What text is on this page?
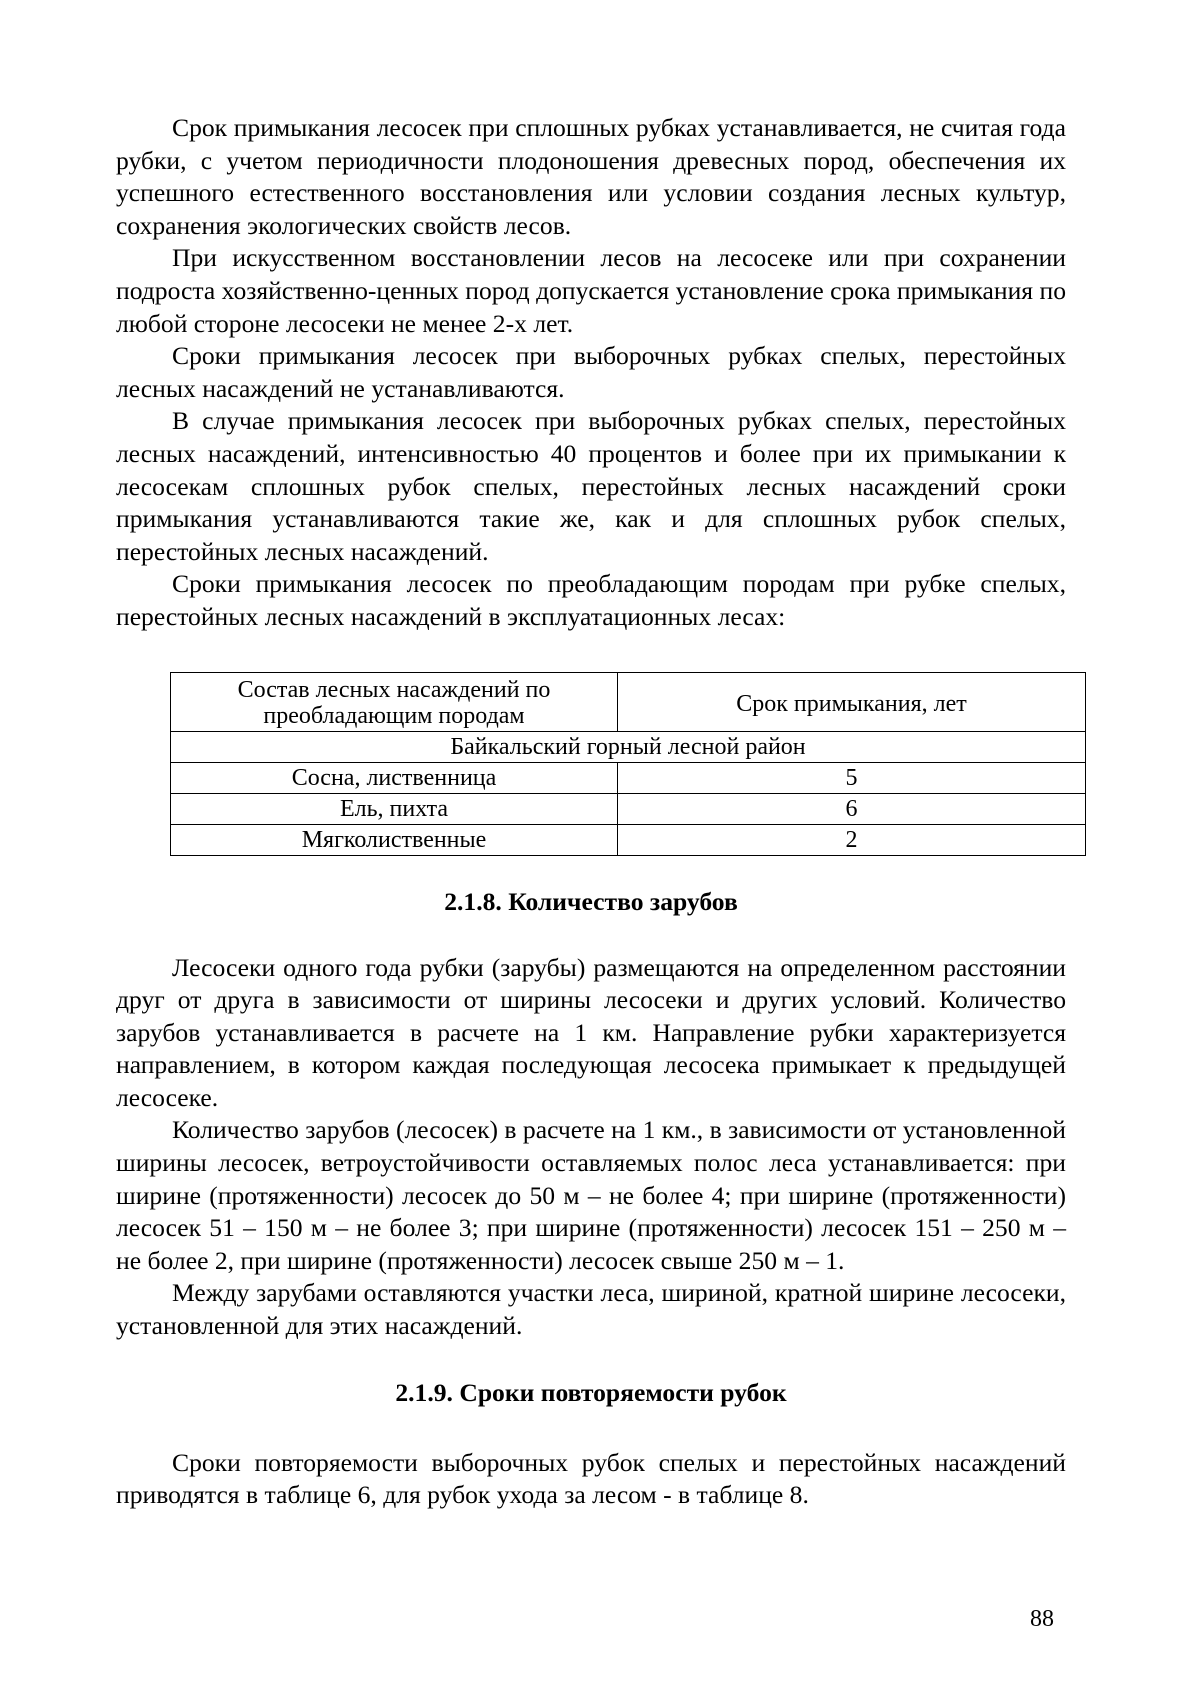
Срок примыкания лесосек при сплошных рубках устанавливается, не считая года рубки, с учетом периодичности плодоношения древесных пород, обеспечения их успешного естественного восстановления или условии создания лесных культур, сохранения экологических свойств лесов.

При искусственном восстановлении лесов на лесосеке или при сохранении подроста хозяйственно-ценных пород допускается установление срока примыкания по любой стороне лесосеки не менее 2-х лет.

Сроки примыкания лесосек при выборочных рубках спелых, перестойных лесных насаждений не устанавливаются.

В случае примыкания лесосек при выборочных рубках спелых, перестойных лесных насаждений, интенсивностью 40 процентов и более при их примыкании к лесосекам сплошных рубок спелых, перестойных лесных насаждений сроки примыкания устанавливаются такие же, как и для сплошных рубок спелых, перестойных лесных насаждений.

Сроки примыкания лесосек по преобладающим породам при рубке спелых, перестойных лесных насаждений в эксплуатационных лесах:

Состав лесных насаждений по преобладающим породам	Срок примыкания, лет
Байкальский горный лесной район	
Сосна, лиственница	5
Ель, пихта	6
Мягколиственные	2
2.1.8. Количество зарубов

Лесосеки одного года рубки (зарубы) размещаются на определенном расстоянии друг от друга в зависимости от ширины лесосеки и других условий. Количество зарубов устанавливается в расчете на 1 км. Направление рубки характеризуется направлением, в котором каждая последующая лесосека примыкает к предыдущей лесосеке.

Количество зарубов (лесосек) в расчете на 1 км., в зависимости от установленной ширины лесосек, ветроустойчивости оставляемых полос леса устанавливается: при ширине (протяженности) лесосек до 50 м – не более 4; при ширине (протяженности) лесосек 51 – 150 м – не более 3; при ширине (протяженности) лесосек 151 – 250 м – не более 2, при ширине (протяженности) лесосек свыше 250 м – 1.

Между зарубами оставляются участки леса, шириной, кратной ширине лесосеки, установленной для этих насаждений.

2.1.9. Сроки повторяемости рубок

Сроки повторяемости выборочных рубок спелых и перестойных насаждений приводятся в таблице 6, для рубок ухода за лесом - в таблице 8.

88
